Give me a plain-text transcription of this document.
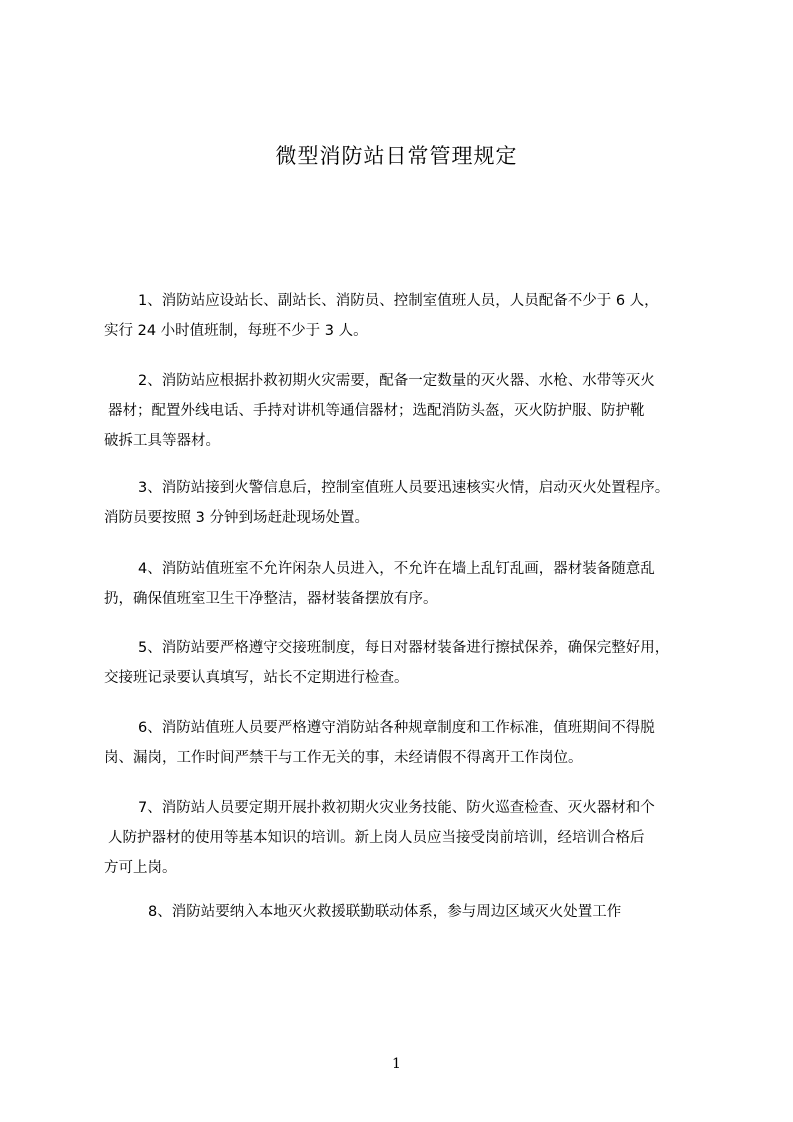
微型消防站日常管理规定
1、消防站应设站长、副站长、消防员、控制室值班人员，人员配备不少于 6 人，
实行 24 小时值班制，每班不少于 3 人。
2、消防站应根据扑救初期火灾需要，配备一定数量的灭火器、水枪、水带等灭火
器材；配置外线电话、手持对讲机等通信器材；选配消防头盔，灭火防护服、防护靴
破拆工具等器材。
3、消防站接到火警信息后，控制室值班人员要迅速核实火情，启动灭火处置程序。
消防员要按照 3 分钟到场赶赴现场处置。
4、消防站值班室不允许闲杂人员进入，不允许在墙上乱钉乱画，器材装备随意乱
扔，确保值班室卫生干净整洁，器材装备摆放有序。
5、消防站要严格遵守交接班制度，每日对器材装备进行擦拭保养，确保完整好用，
交接班记录要认真填写，站长不定期进行检查。
6、消防站值班人员要严格遵守消防站各种规章制度和工作标准，值班期间不得脱
岗、漏岗，工作时间严禁干与工作无关的事，未经请假不得离开工作岗位。
7、消防站人员要定期开展扑救初期火灾业务技能、防火巡查检查、灭火器材和个
人防护器材的使用等基本知识的培训。新上岗人员应当接受岗前培训，经培训合格后
方可上岗。
8、消防站要纳入本地灭火救援联勤联动体系，参与周边区域灭火处置工作
1
